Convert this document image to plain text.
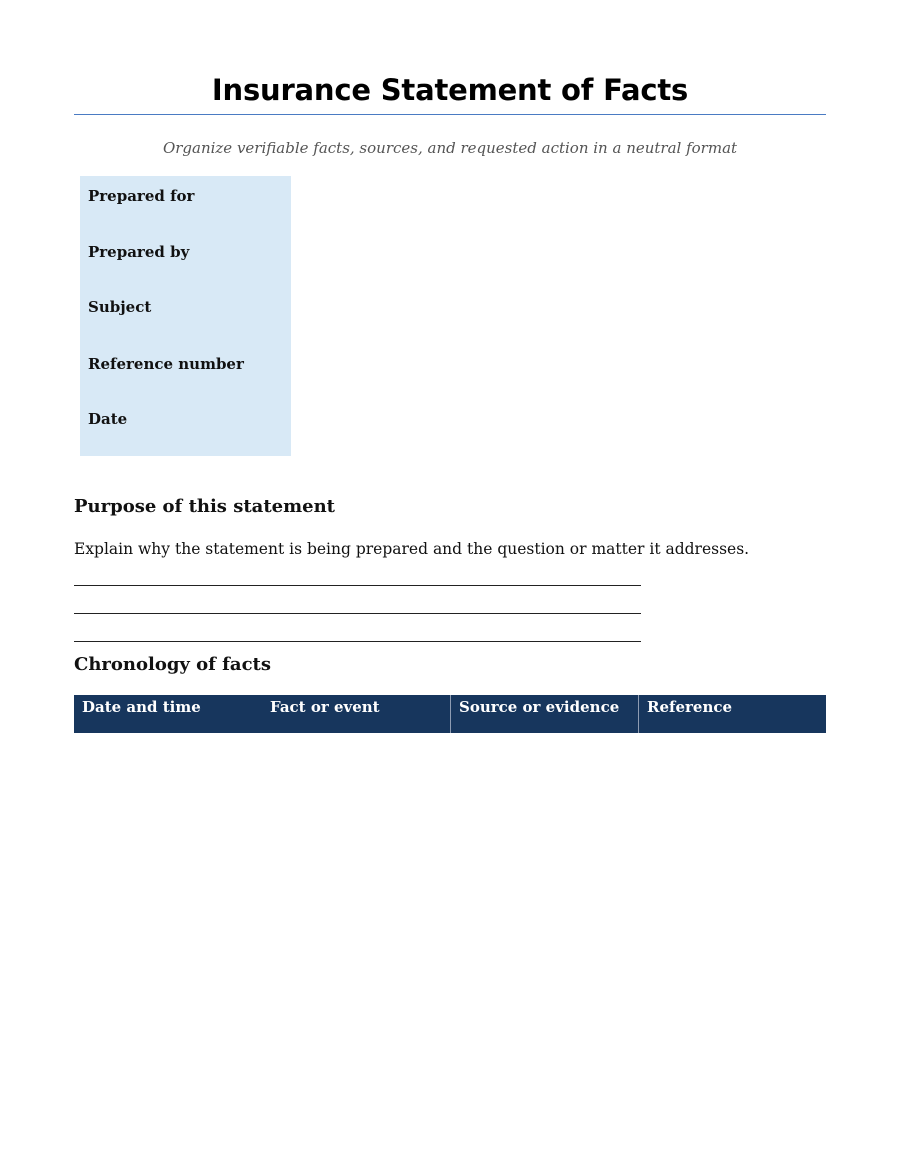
Insurance Statement of Facts
Organize verifiable facts, sources, and requested action in a neutral format
Prepared for
Prepared by
Subject
Reference number
Date
Purpose of this statement
Explain why the statement is being prepared and the question or matter it addresses.
Chronology of facts
Date and time	Fact or event	Source or evidence	Reference
